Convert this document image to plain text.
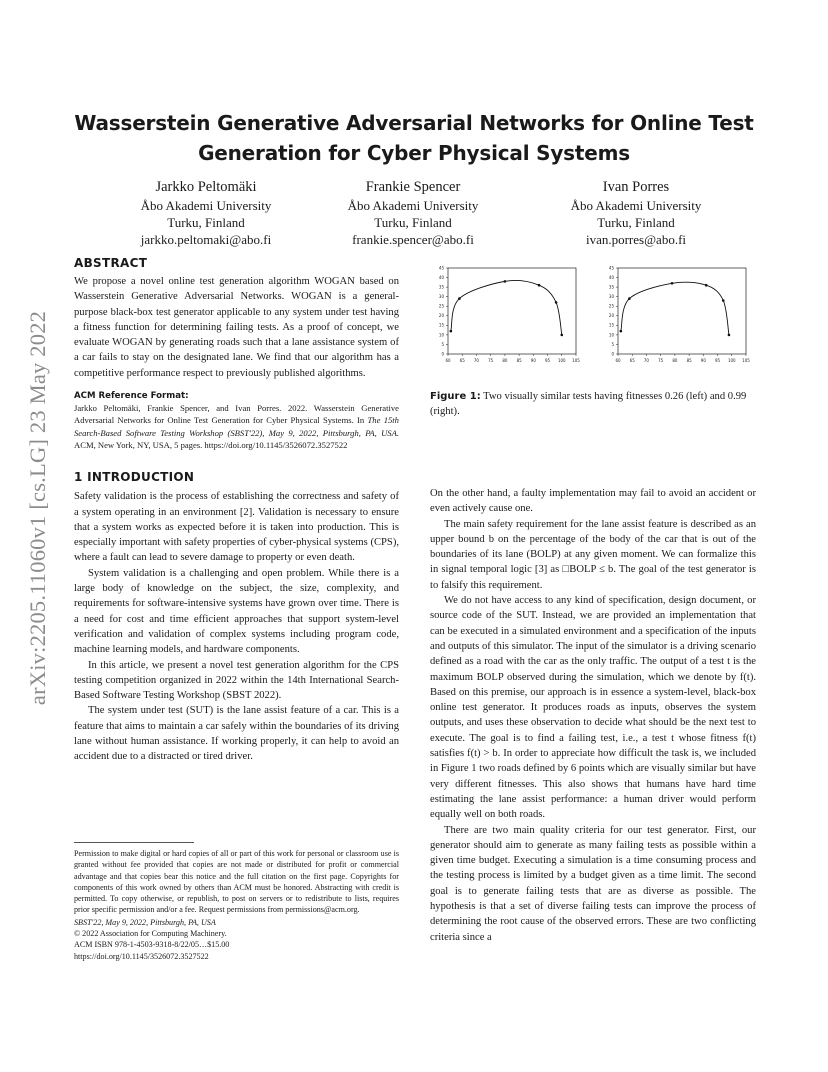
Wasserstein Generative Adversarial Networks for Online Test
Generation for Cyber Physical Systems
Jarkko Peltomäki
Åbo Akademi University
Turku, Finland
jarkko.peltomaki@abo.fi
Frankie Spencer
Åbo Akademi University
Turku, Finland
frankie.spencer@abo.fi
Ivan Porres
Åbo Akademi University
Turku, Finland
ivan.porres@abo.fi
arXiv:2205.11060v1 [cs.LG] 23 May 2022
ABSTRACT

We propose a novel online test generation algorithm WOGAN based on Wasserstein Generative Adversarial Networks. WOGAN is a general-purpose black-box test generator applicable to any system under test having a fitness function for determining failing tests. As a proof of concept, we evaluate WOGAN by generating roads such that a lane assistance system of a car fails to stay on the designated lane. We find that our algorithm has a competitive performance respect to previously published algorithms.

ACM Reference Format:
Jarkko Peltomäki, Frankie Spencer, and Ivan Porres. 2022. Wasserstein Generative Adversarial Networks for Online Test Generation for Cyber Physical Systems. In The 15th Search-Based Software Testing Workshop (SBST'22), May 9, 2022, Pittsburgh, PA, USA. ACM, New York, NY, USA, 5 pages. https://doi.org/10.1145/3526072.3527522
1 INTRODUCTION

Safety validation is the process of establishing the correctness and safety of a system operating in an environment [2]. Validation is necessary to ensure that a system works as expected before it is taken into production. This is especially important with safety properties of cyber-physical systems (CPS), where a fault can lead to severe damage to property or even death.

System validation is a challenging and open problem. While there is a large body of knowledge on the subject, the size, complexity, and requirements for software-intensive systems have grown over time. There is a need for cost and time efficient approaches that support system-level verification and validation of complex systems including program code, machine learning models, and hardware components.

In this article, we present a novel test generation algorithm for the CPS testing competition organized in 2022 within the 14th International Search-Based Software Testing Workshop (SBST 2022).

The system under test (SUT) is the lane assist feature of a car. This is a feature that aims to maintain a car safely within the boundaries of its driving lane without human assistance. If working properly, it can help to avoid an accident due to a distracted or tired driver.

Permission to make digital or hard copies of all or part of this work for personal or classroom use is granted without fee provided that copies are not made or distributed for profit or commercial advantage and that copies bear this notice and the full citation on the first page. Copyrights for components of this work owned by others than ACM must be honored. Abstracting with credit is permitted. To copy otherwise, or republish, to post on servers or to redistribute to lists, requires prior specific permission and/or a fee. Request permissions from permissions@acm.org.

SBST'22, May 9, 2022, Pittsburgh, PA, USA

© 2022 Association for Computing Machinery.

ACM ISBN 978-1-4503-9318-8/22/05…$15.00

https://doi.org/10.1145/3526072.3527522

60 65 70 75 80 85 90 95 100 105
0
5
10
15
20
25
30
35
40
45
60 65 70 75 80 85 90 95 100 105
0
5
10
15
20
25
30
35
40
45
Figure 1: Two visually similar tests having fitnesses 0.26 (left) and 0.99 (right).

On the other hand, a faulty implementation may fail to avoid an accident or even actively cause one.

The main safety requirement for the lane assist feature is described as an upper bound b on the percentage of the body of the car that is out of the boundaries of its lane (BOLP) at any given moment. We can formalize this in signal temporal logic [3] as □BOLP ≤ b. The goal of the test generator is to falsify this requirement.

We do not have access to any kind of specification, design document, or source code of the SUT. Instead, we are provided an implementation that can be executed in a simulated environment and a specification of the inputs and outputs of this simulator. The input of the simulator is a driving scenario defined as a road with the car as the only traffic. The output of a test t is the maximum BOLP observed during the simulation, which we denote by f(t). Based on this premise, our approach is in essence a system-level, black-box online test generator. It produces roads as inputs, observes the system outputs, and uses these observation to decide what should be the next test to execute. The goal is to find a failing test, i.e., a test t whose fitness f(t) satisfies f(t) > b. In order to appreciate how difficult the task is, we included in Figure 1 two roads defined by 6 points which are visually similar but have very different fitnesses. This also shows that humans have hard time estimating the lane assist performance: a human driver would perform equally well on both roads.

There are two main quality criteria for our test generator. First, our generator should aim to generate as many failing tests as possible within a given time budget. Executing a simulation is a time consuming process and the testing process is limited by a budget given as a time limit. The second goal is to generate failing tests that are as diverse as possible. The hypothesis is that a set of diverse failing tests can improve the process of determining the root cause of the observed errors. These are two conflicting criteria since a
